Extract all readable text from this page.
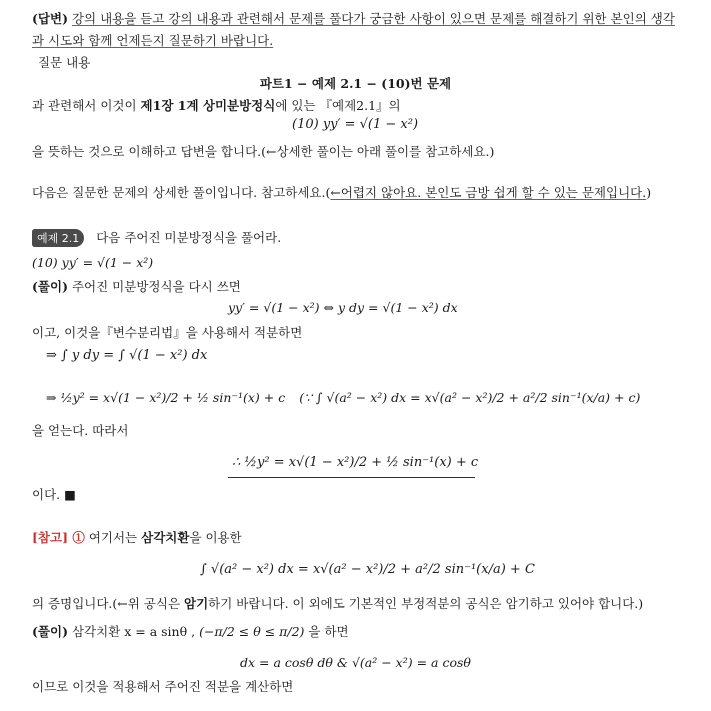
(답변) 강의 내용을 듣고 강의 내용과 관련해서 문제를 풀다가 궁금한 사항이 있으면 문제를 해결하기 위한 본인의 생각
과 시도와 함께 언제든지 질문하기 바랍니다.
질문 내용
파트1 − 예제 2.1 − (10)번 문제
과 관련해서 이것이 제1장 1계 상미분방정식에 있는 『예제2.1』의
(10) yy′ = √(1 − x²)
을 뜻하는 것으로 이해하고 답변을 합니다.(←상세한 풀이는 아래 풀이를 참고하세요.)
다음은 질문한 문제의 상세한 풀이입니다. 참고하세요.(←어렵지 않아요. 본인도 금방 쉽게 할 수 있는 문제입니다.)
예제 2.1 다음 주어진 미분방정식을 풀어라.
(10) yy′ = √(1 − x²)
(풀이) 주어진 미분방정식을 다시 쓰면
yy′ = √(1 − x²) ⇔ y dy = √(1 − x²) dx
이고, 이것을『변수분리법』을 사용해서 적분하면
⇒ ∫ y dy = ∫ √(1 − x²) dx
⇒ ½y² = x√(1 − x²)/2 + ½ sin⁻¹(x) + c (∵ ∫ √(a² − x²) dx = x√(a² − x²)/2 + a²/2 sin⁻¹(x/a) + c)
을 얻는다. 따라서
∴ ½y² = x√(1 − x²)/2 + ½ sin⁻¹(x) + c
이다. ■
[참고] ① 여기서는 삼각치환을 이용한
∫ √(a² − x²) dx = x√(a² − x²)/2 + a²/2 sin⁻¹(x/a) + C
의 증명입니다.(←위 공식은 암기하기 바랍니다. 이 외에도 기본적인 부정적분의 공식은 암기하고 있어야 합니다.)
(풀이) 삼각치환 x = a sinθ , (−π/2 ≤ θ ≤ π/2) 을 하면
dx = a cosθ dθ & √(a² − x²) = a cosθ
이므로 이것을 적용해서 주어진 적분을 계산하면
